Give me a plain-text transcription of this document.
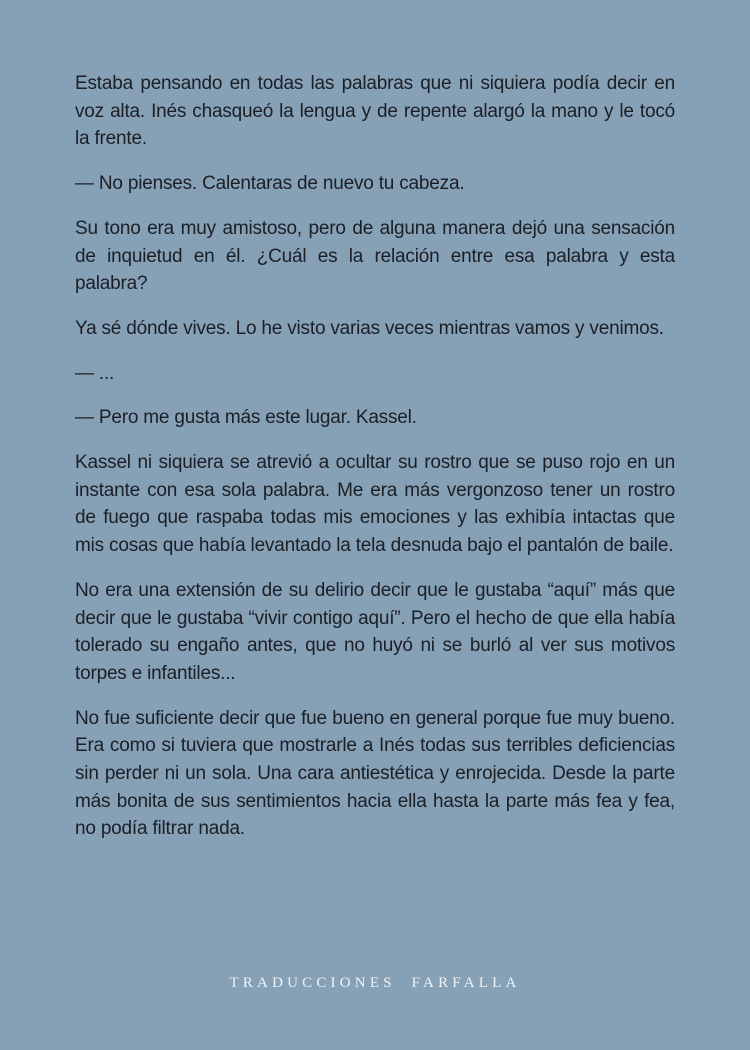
Estaba pensando en todas las palabras que ni siquiera podía decir en voz alta. Inés chasqueó la lengua y de repente alargó la mano y le tocó la frente.

— No pienses. Calentaras de nuevo tu cabeza.

Su tono era muy amistoso, pero de alguna manera dejó una sensación de inquietud en él. ¿Cuál es la relación entre esa palabra y esta palabra?

Ya sé dónde vives. Lo he visto varias veces mientras vamos y venimos.

— ...

— Pero me gusta más este lugar. Kassel.

Kassel ni siquiera se atrevió a ocultar su rostro que se puso rojo en un instante con esa sola palabra. Me era más vergonzoso tener un rostro de fuego que raspaba todas mis emociones y las exhibía intactas que mis cosas que había levantado la tela desnuda bajo el pantalón de baile.

No era una extensión de su delirio decir que le gustaba “aquí” más que decir que le gustaba “vivir contigo aquí”. Pero el hecho de que ella había tolerado su engaño antes, que no huyó ni se burló al ver sus motivos torpes e infantiles...

No fue suficiente decir que fue bueno en general porque fue muy bueno. Era como si tuviera que mostrarle a Inés todas sus terribles deficiencias sin perder ni un sola. Una cara antiestética y enrojecida. Desde la parte más bonita de sus sentimientos hacia ella hasta la parte más fea y fea, no podía filtrar nada.

TRADUCCIONES  FARFALLA
